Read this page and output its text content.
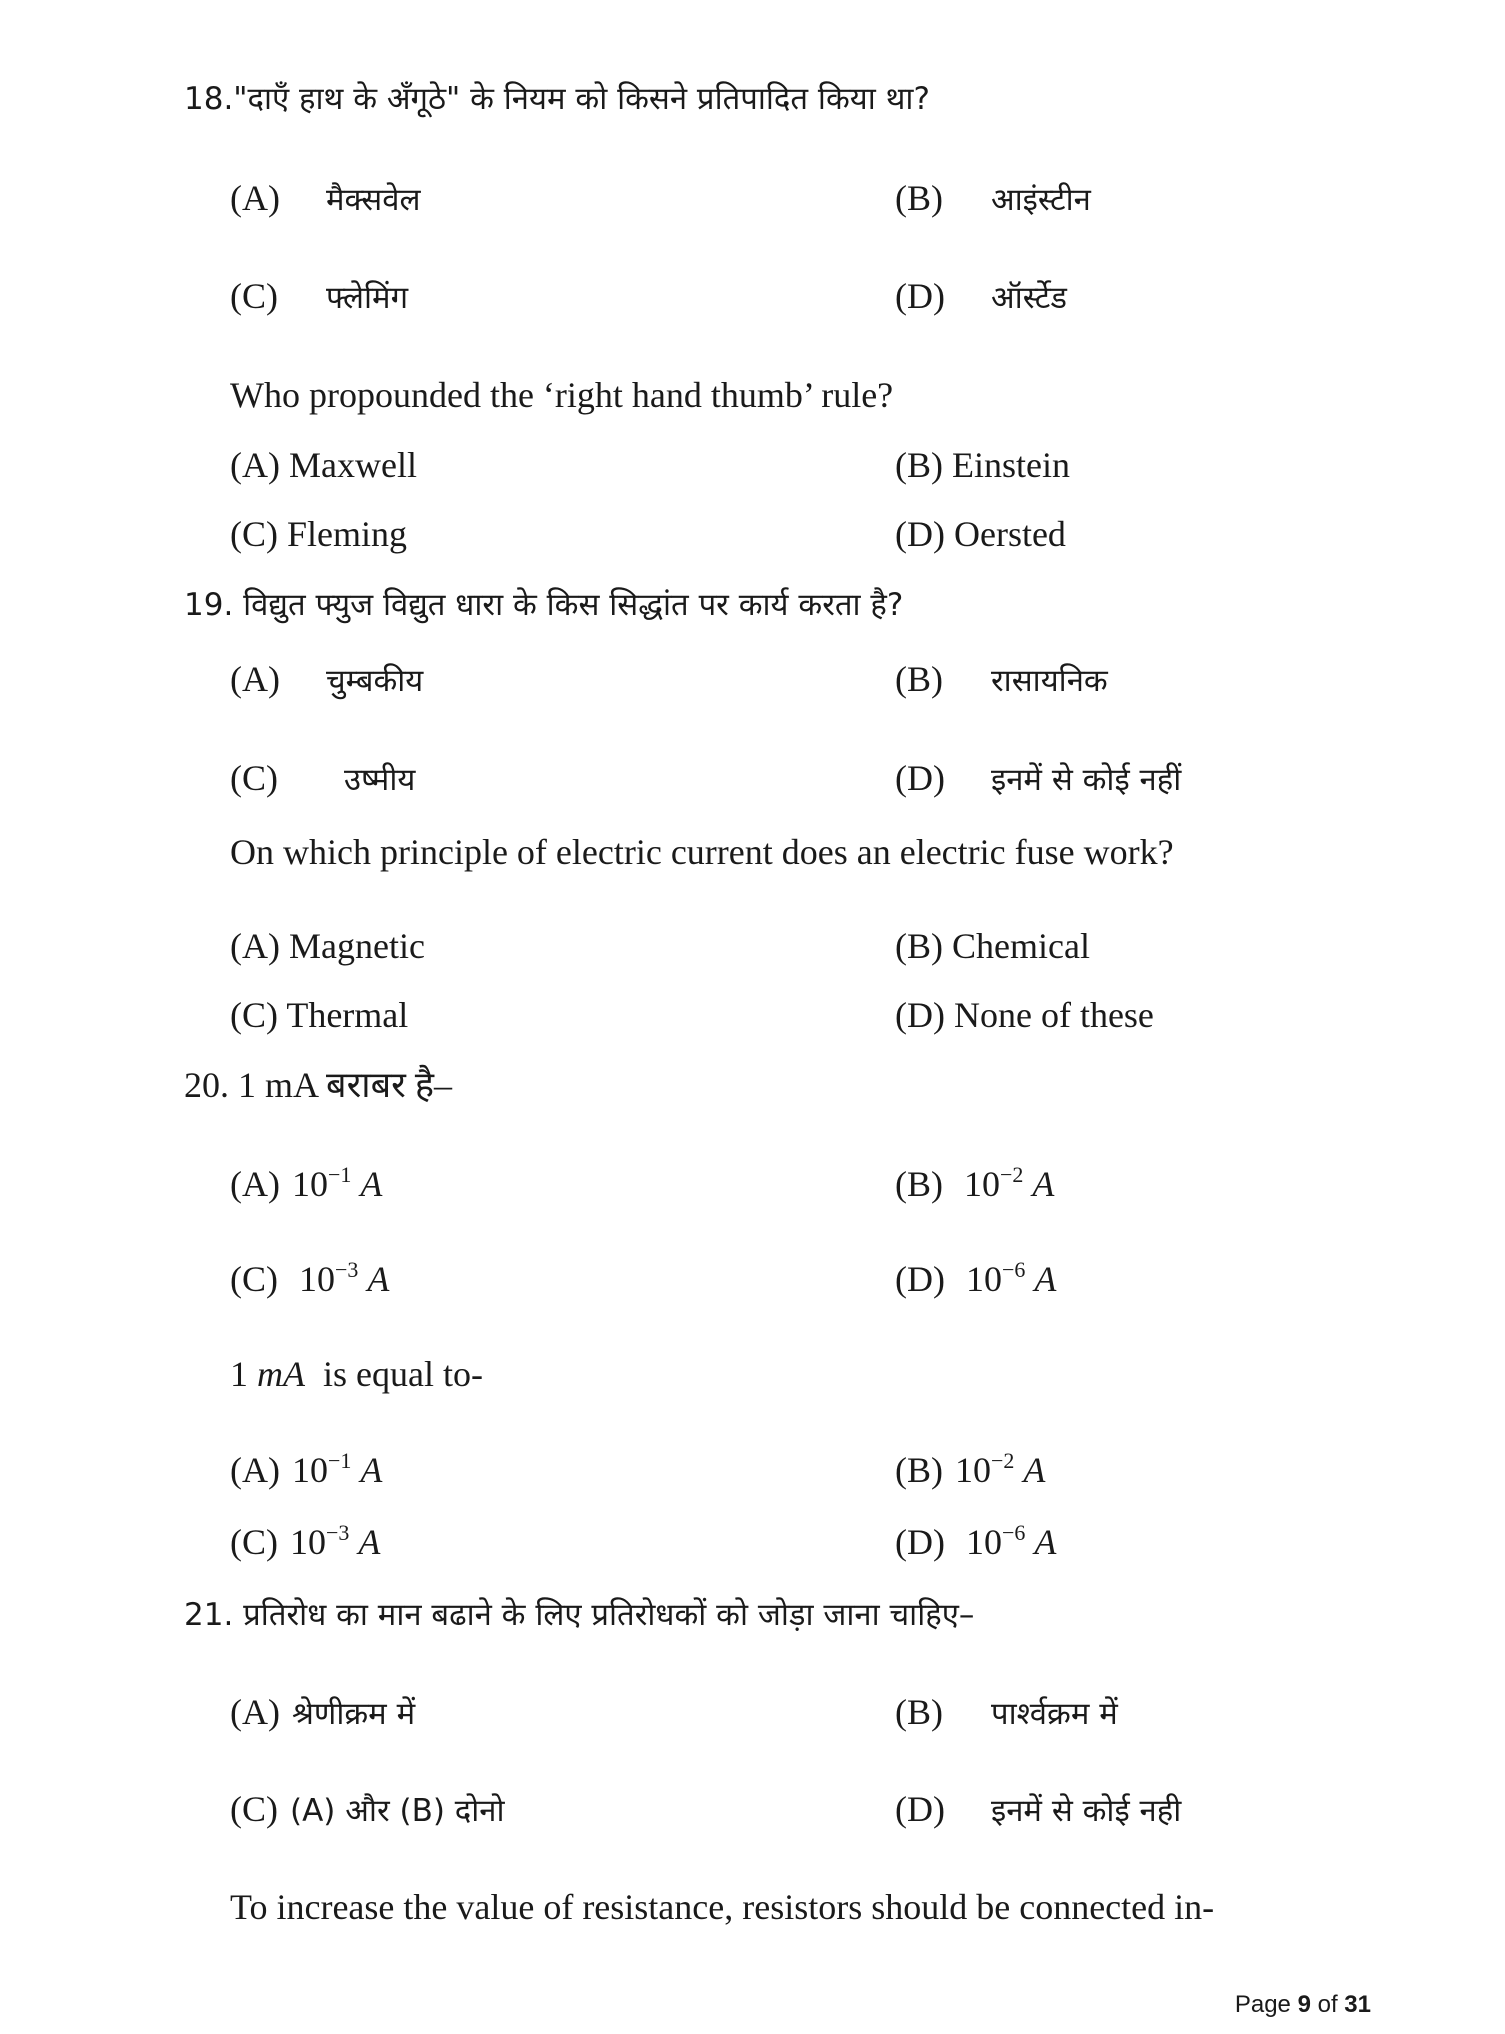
18."दाएँ हाथ के अँगूठे" के नियम को किसने प्रतिपादित किया था?
(A) मैक्सवेल	(B) आइंस्टीन
(C) फ्लेमिंग	(D) ऑर्स्टेड
Who propounded the ‘right hand thumb’ rule?
(A) Maxwell	(B) Einstein
(C) Fleming	(D) Oersted
19. विद्युत फ्युज विद्युत धारा के किस सिद्धांत पर कार्य करता है?
(A) चुम्बकीय	(B) रासायनिक
(C) उष्मीय	(D) इनमें से कोई नहीं
On which principle of electric current does an electric fuse work?
(A) Magnetic	(B) Chemical
(C) Thermal	(D) None of these
20. 1 mA बराबर है–
(A) $10^{-1}$ A	(B) $10^{-2}$ A
(C) $10^{-3}$ A	(D) $10^{-6}$ A
1 mA is equal to-
(A) $10^{-1}$ A	(B) $10^{-2}$ A
(C) $10^{-3}$ A	(D) $10^{-6}$ A
21. प्रतिरोध का मान बढाने के लिए प्रतिरोधकों को जोड़ा जाना चाहिए–
(A) श्रेणीक्रम में	(B) पार्श्वक्रम में
(C) (A) और (B) दोनो	(D) इनमें से कोई नही
To increase the value of resistance, resistors should be connected in-
Page 9 of 31
